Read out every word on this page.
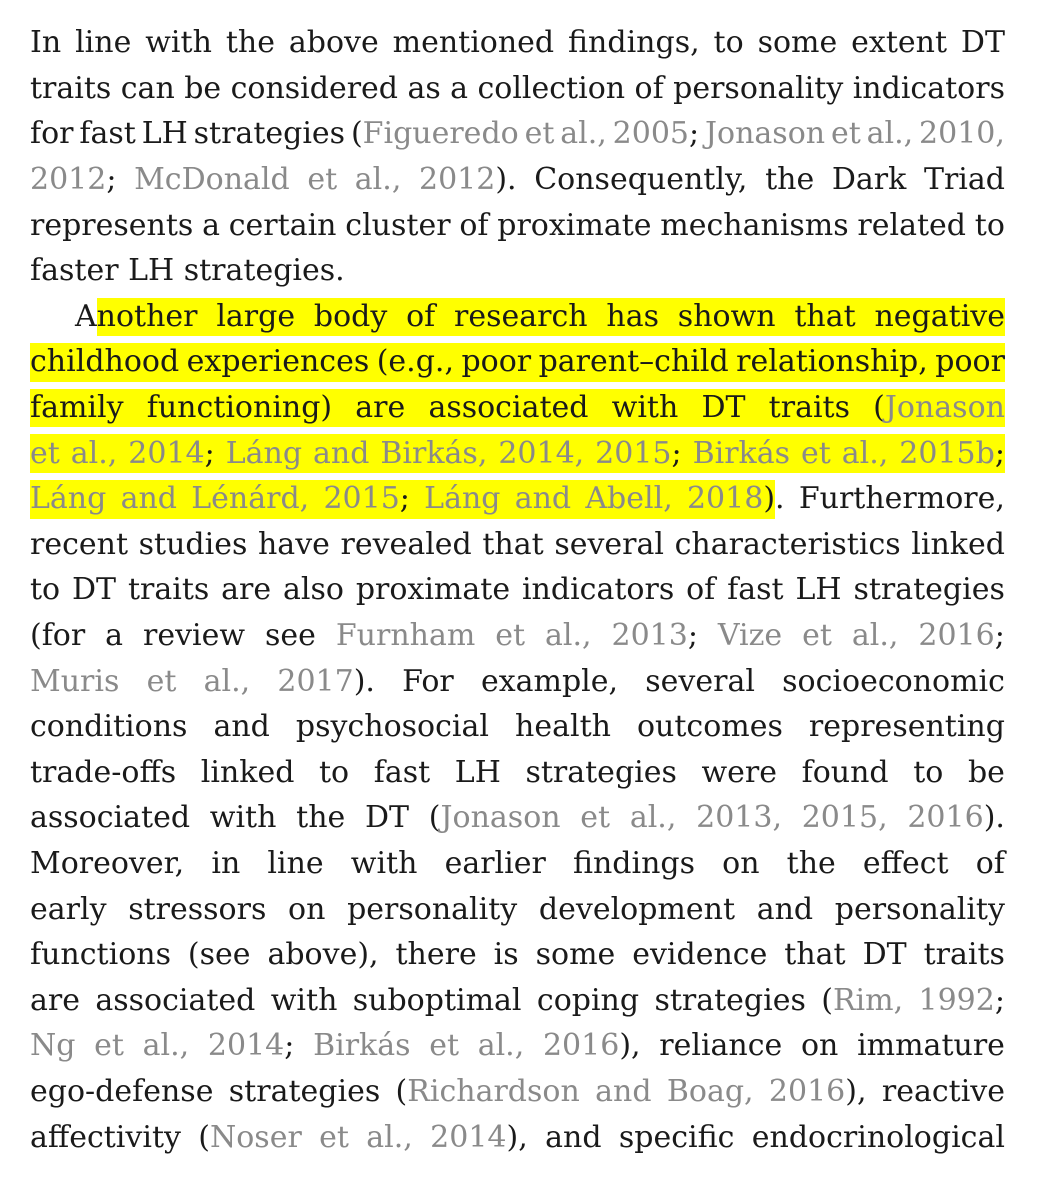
In line with the above mentioned findings, to some extent DT
traits can be considered as a collection of personality indicators
for fast LH strategies (Figueredo et al., 2005; Jonason et al., 2010,
2012; McDonald et al., 2012). Consequently, the Dark Triad
represents a certain cluster of proximate mechanisms related to
faster
LH
strategies.
Another large body of research has shown that negative
childhood experiences (e.g., poor parent–child relationship, poor
family functioning) are associated with DT traits (Jonason
et al., 2014; Láng and Birkás, 2014, 2015; Birkás et al., 2015b;
Láng and Lénárd, 2015; Láng and Abell, 2018). Furthermore,
recent studies have revealed that several characteristics linked
to DT traits are also proximate indicators of fast LH strategies
(for a review see Furnham et al., 2013; Vize et al., 2016;
Muris et al., 2017). For example, several socioeconomic
conditions and psychosocial health outcomes representing
trade-offs linked to fast LH strategies were found to be
associated with the DT (Jonason et al., 2013, 2015, 2016).
Moreover, in line with earlier findings on the effect of
early stressors on personality development and personality
functions (see above), there is some evidence that DT traits
are associated with suboptimal coping strategies (Rim, 1992;
Ng et al., 2014; Birkás et al., 2016), reliance on immature
ego-defense strategies (Richardson and Boag, 2016), reactive
affectivity (Noser et al., 2014), and specific endocrinological
